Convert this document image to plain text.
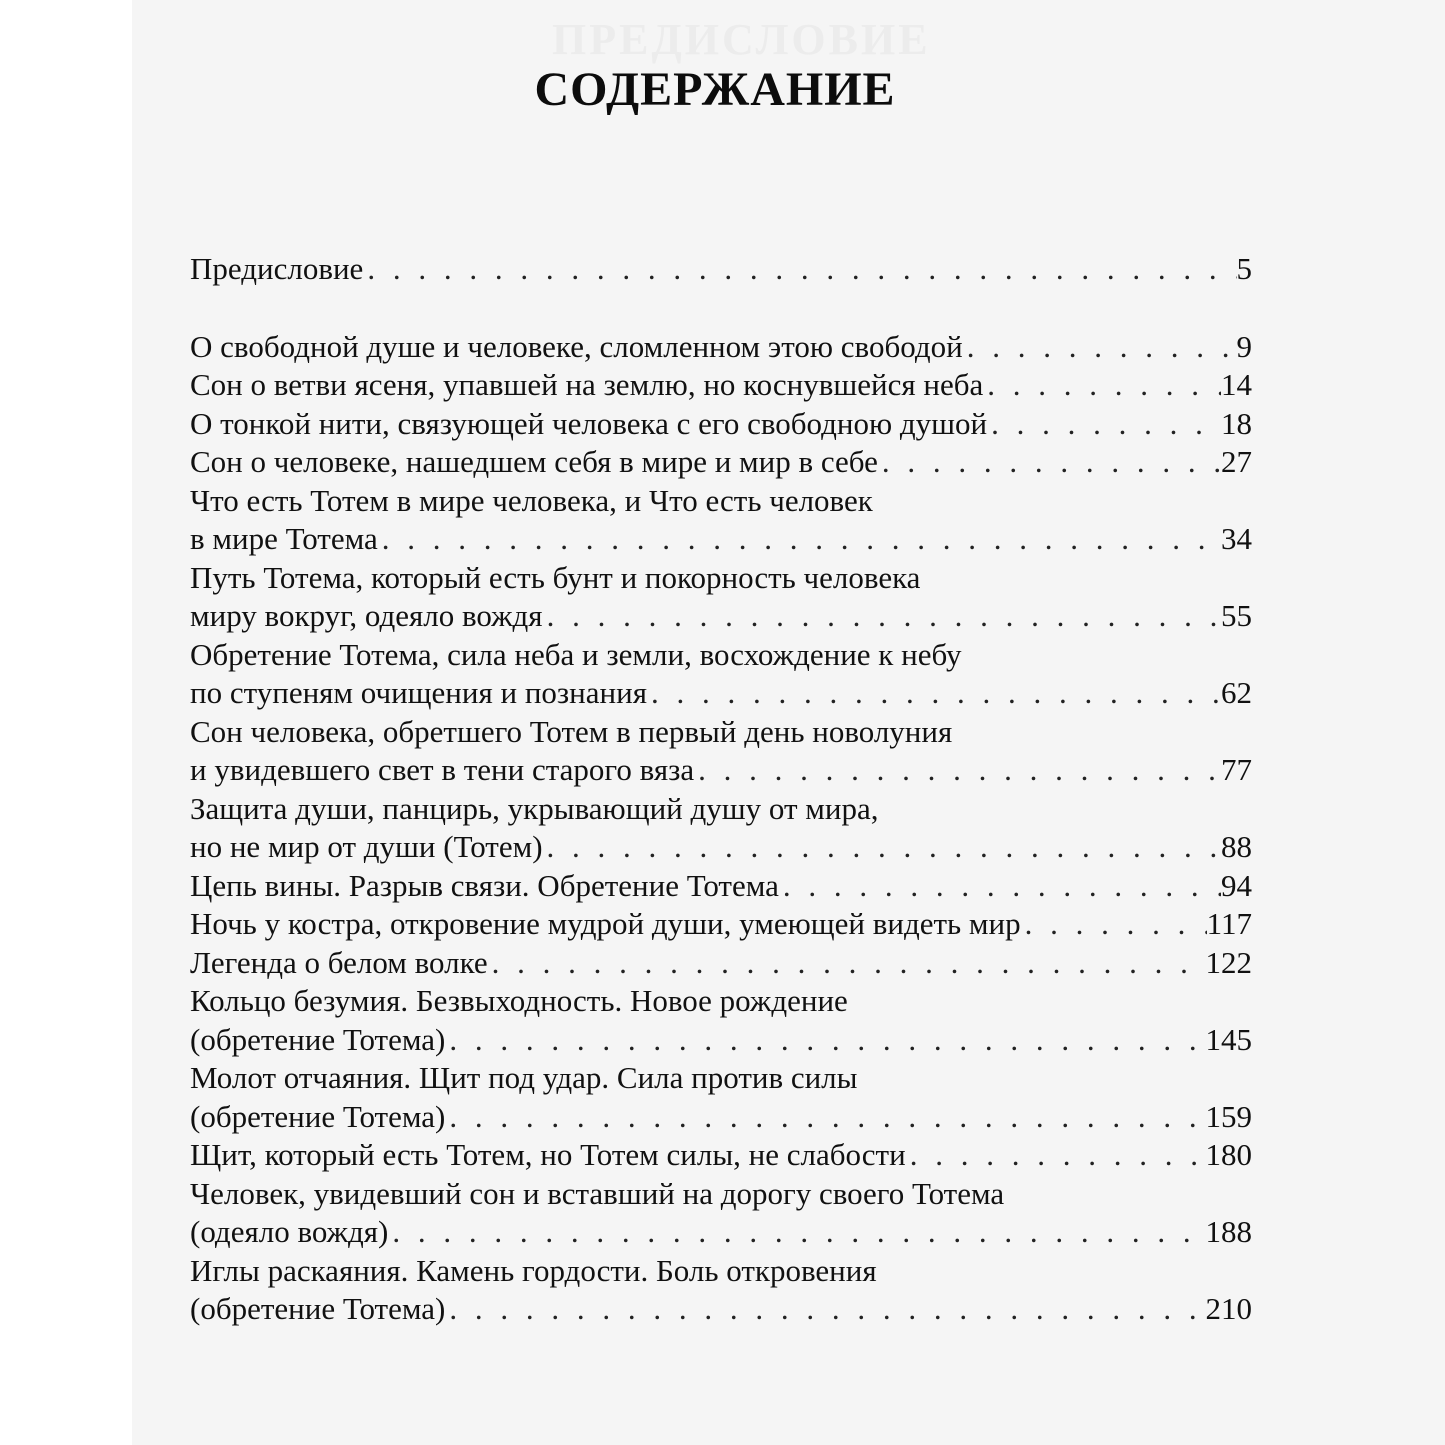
ПРЕДИСЛОВИЕ
СОДЕРЖАНИЕ
Предисловие . . .	5
О свободной душе и человеке, сломленном этою свободой . . .	9
Сон о ветви ясеня, упавшей на землю, но коснувшейся неба . . .	14
О тонкой нити, связующей человека с его свободною душой . . .	18
Сон о человеке, нашедшем себя в мире и мир в себе . . .	27
Что есть Тотем в мире человека, и Что есть человек
в мире Тотема . . .	34
Путь Тотема, который есть бунт и покорность человека
миру вокруг, одеяло вождя . . .	55
Обретение Тотема, сила неба и земли, восхождение к небу
по ступеням очищения и познания . . .	62
Сон человека, обретшего Тотем в первый день новолуния
и увидевшего свет в тени старого вяза . . .	77
Защита души, панцирь, укрывающий душу от мира,
но не мир от души (Тотем) . . .	88
Цепь вины. Разрыв связи. Обретение Тотема . . .	94
Ночь у костра, откровение мудрой души, умеющей видеть мир . . .	117
Легенда о белом волке . . .	122
Кольцо безумия. Безвыходность. Новое рождение
(обретение Тотема) . . .	145
Молот отчаяния. Щит под удар. Сила против силы
(обретение Тотема) . . .	159
Щит, который есть Тотем, но Тотем силы, не слабости . . .	180
Человек, увидевший сон и вставший на дорогу своего Тотема
(одеяло вождя) . . .	188
Иглы раскаяния. Камень гордости. Боль откровения
(обретение Тотема) . . .	210
